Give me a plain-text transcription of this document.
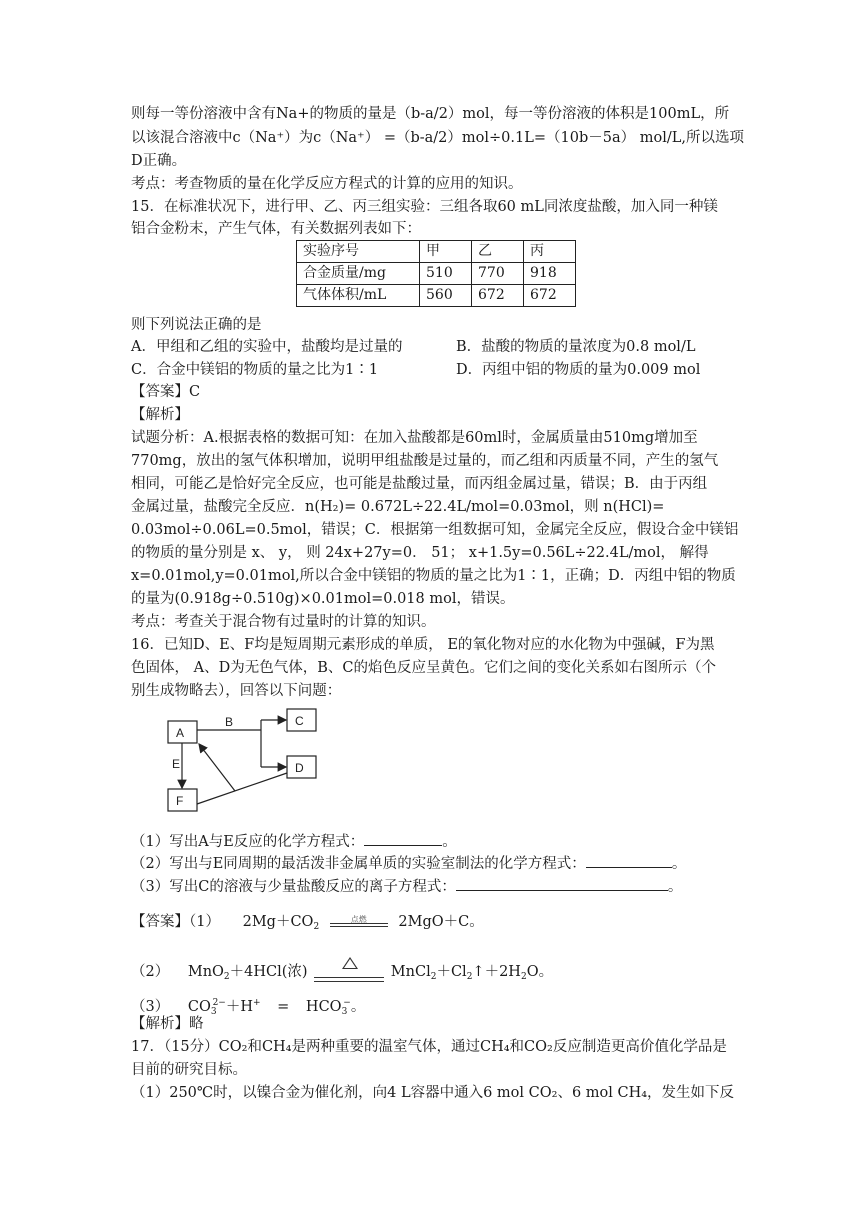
则每一等份溶液中含有Na+的物质的量是（b-a/2）mol，每一等份溶液的体积是100mL，所
以该混合溶液中c（Na⁺）为c（Na⁺） =（b-a/2）mol÷0.1L=（10b－5a） mol/L,所以选项
D正确。
考点：考查物质的量在化学反应方程式的计算的应用的知识。
15．在标准状况下，进行甲、乙、丙三组实验：三组各取60 mL同浓度盐酸，加入同一种镁
铝合金粉末，产生气体，有关数据列表如下：
实验序号	甲	乙	丙
合金质量/mg	510	770	918
气体体积/mL	560	672	672
则下列说法正确的是
A．甲组和乙组的实验中，盐酸均是过量的	B．盐酸的物质的量浓度为0.8 mol/L
C．合金中镁铝的物质的量之比为1∶1	D．丙组中铝的物质的量为0.009 mol
【答案】C
【解析】
试题分析：A.根据表格的数据可知：在加入盐酸都是60ml时，金属质量由510mg增加至
770mg，放出的氢气体积增加，说明甲组盐酸是过量的，而乙组和丙质量不同，产生的氢气
相同，可能乙是恰好完全反应，也可能是盐酸过量，而丙组金属过量，错误；B．由于丙组
金属过量，盐酸完全反应．n(H₂)= 0.672L÷22.4L/mol=0.03mol，则 n(HCl)=
0.03mol÷0.06L=0.5mol，错误；C．根据第一组数据可知，金属完全反应，假设合金中镁铝
的物质的量分别是 x、 y， 则 24x+27y=0． 51； x+1.5y=0.56L÷22.4L/mol， 解得
x=0.01mol,y=0.01mol,所以合金中镁铝的物质的量之比为1∶1，正确；D．丙组中铝的物质
的量为(0.918g÷0.510g)×0.01mol=0.018 mol，错误。
考点：考查关于混合物有过量时的计算的知识。
16．已知D、E、F均是短周期元素形成的单质， E的氧化物对应的水化物为中强碱，F为黑
色固体， A、D为无色气体，B、C的焰色反应呈黄色。它们之间的变化关系如右图所示（个
别生成物略去），回答以下问题：
A
C
D
F
B
E
（1）写出A与E反应的化学方程式：	。
（2）写出与E同周期的最活泼非金属单质的实验室制法的化学方程式：	。
（3）写出C的溶液与少量盐酸反应的离子方程式：	。
【答案】（1） $2Mg+CO_2$
点燃	2MgO＋C。
（2） MnO$_2$＋4HCl(浓)	$MnCl_2+Cl_2↑+2H_2O$。
（3） $CO_3^{2-}+H^+ = HCO_3^-$。
【解析】略
17．（15分）CO₂和CH₄是两种重要的温室气体，通过CH₄和CO₂反应制造更高价值化学品是
目前的研究目标。
（1）250℃时，以镍合金为催化剂，向4 L容器中通入6 mol CO₂、6 mol CH₄，发生如下反
